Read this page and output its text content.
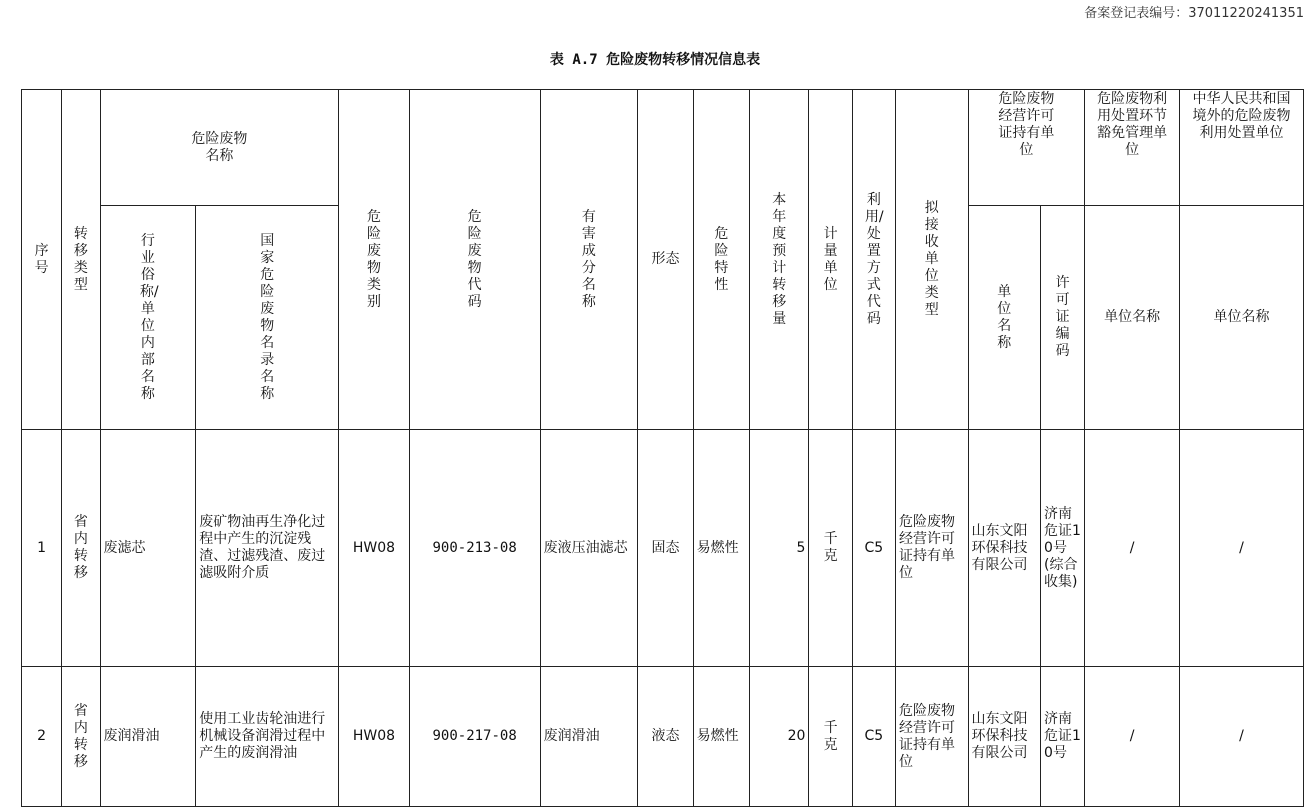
备案登记表编号：37011220241351
表 A.7 危险废物转移情况信息表
序号	转移类型	危险废物名称		危险废物类别	危险废物代码	有害成分名称	形态	危险特性	本年度预计转移量	计量单位	利用/处置方式代码	拟接收单位类型	危险废物经营许可证持有单位		危险废物利用处置环节豁免管理单位	中华人民共和国境外的危险废物利用处置单位
		行业俗称/单位内部名称	国家危险废物名录名称										单位名称	许可证编码	单位名称	单位名称
1	省内转移	废滤芯	废矿物油再生净化过程中产生的沉淀残渣、过滤残渣、废过滤吸附介质	HW08	900-213-08	废液压油滤芯	固态	易燃性	5	千克	C5	危险废物经营许可证持有单位	山东文阳环保科技有限公司	济南危证10号(综合收集)	/	/
2	省内转移	废润滑油	使用工业齿轮油进行机械设备润滑过程中产生的废润滑油	HW08	900-217-08	废润滑油	液态	易燃性	20	千克	C5	危险废物经营许可证持有单位	山东文阳环保科技有限公司	济南危证10号	/	/
